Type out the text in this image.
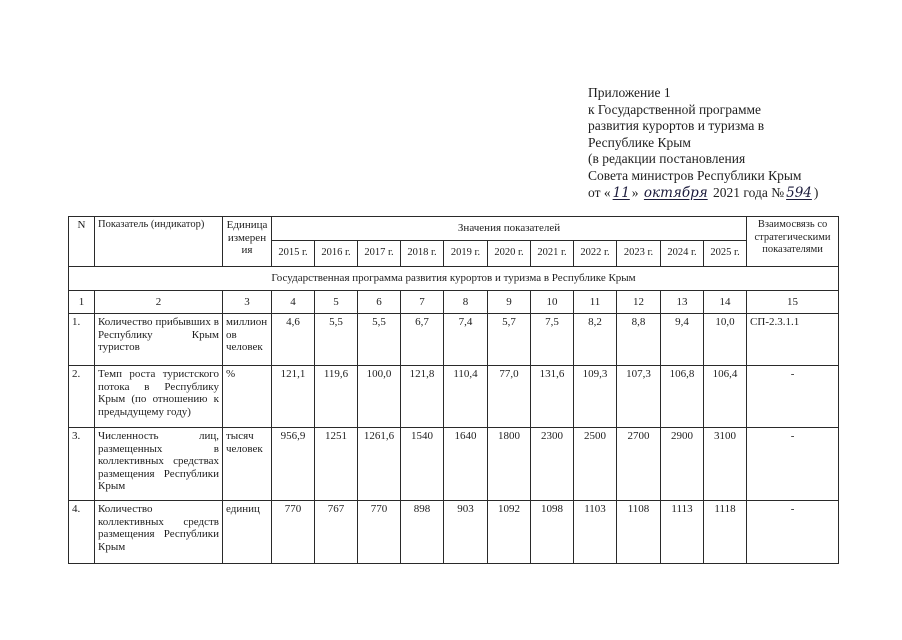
Приложение 1
к Государственной программе
развития курортов и туризма в
Республике Крым
(в редакции постановления
Совета министров Республики Крым
от « 11 » октября 2021 года № 594 )
N	Показатель (индикатор)	Единица измерения	Значения показателей											Взаимосвязь со стратегическими показателями
			2015 г.	2016 г.	2017 г.	2018 г.	2019 г.	2020 г.	2021 г.	2022 г.	2023 г.	2024 г.	2025 г.	
Государственная программа развития курортов и туризма в Республике Крым														
1	2	3	4	5	6	7	8	9	10	11	12	13	14	15
1.	Количество прибывших в Республику Крым туристов	миллионов человек	4,6	5,5	5,5	6,7	7,4	5,7	7,5	8,2	8,8	9,4	10,0	СП-2.3.1.1
2.	Темп роста туристского потока в Республику Крым (по отношению к предыдущему году)	%	121,1	119,6	100,0	121,8	110,4	77,0	131,6	109,3	107,3	106,8	106,4	-
3.	Численность лиц, размещенных в коллективных средствах размещения Республики Крым	тысяч человек	956,9	1251	1261,6	1540	1640	1800	2300	2500	2700	2900	3100	-
4.	Количество коллективных средств размещения Республики Крым	единиц	770	767	770	898	903	1092	1098	1103	1108	1113	1118	-
